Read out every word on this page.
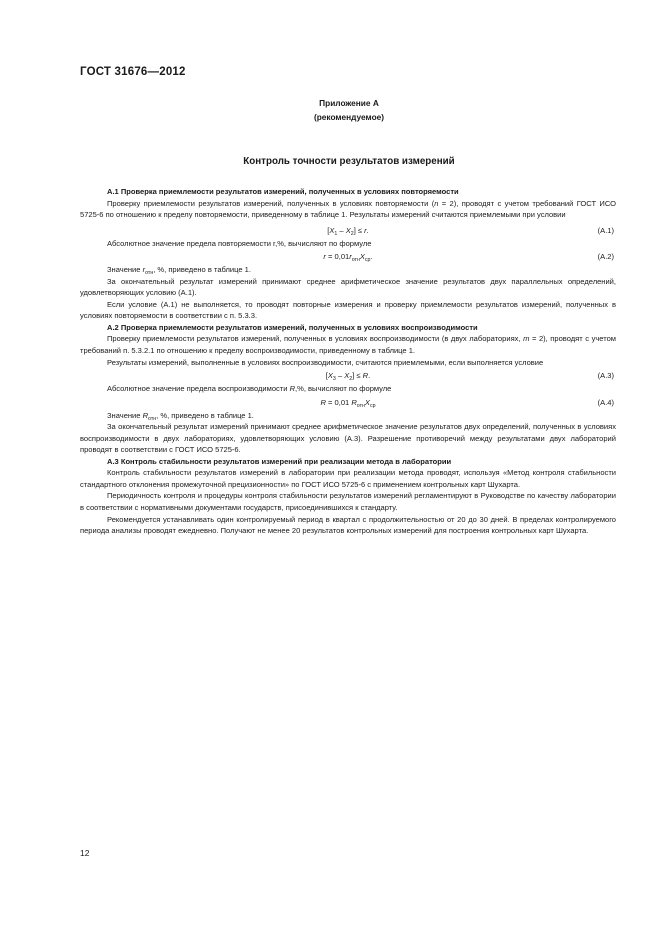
ГОСТ 31676—2012
Приложение А
(рекомендуемое)
Контроль точности результатов измерений

А.1 Проверка приемлемости результатов измерений, полученных в условиях повторяемости

Проверку приемлемости результатов измерений, полученных в условиях повторяемости (n = 2), проводят с учетом требований ГОСТ ИСО 5725-6 по отношению к пределу повторяемости, приведенному в таблице 1. Результаты измерений считаются приемлемыми при условии

$[X_1 - X_2] \le r$.	(А.1)

Абсолютное значение предела повторяемости r,%, вычисляют по формуле

$r = 0,01r_{отн}X_{ср}$.	(А.2)

Значение $r_{отн}$, %, приведено в таблице 1.

За окончательный результат измерений принимают среднее арифметическое значение результатов двух параллельных определений, удовлетворяющих условию (А.1).

Если условие (А.1) не выполняется, то проводят повторные измерения и проверку приемлемости результатов измерений, полученных в условиях повторяемости в соответствии с п. 5.3.3.

А.2 Проверка приемлемости результатов измерений, полученных в условиях воспроизводимости

Проверку приемлемости результатов измерений, полученных в условиях воспроизводимости (в двух лабораториях, m = 2), проводят с учетом требований п. 5.3.2.1 по отношению к пределу воспроизводимости, приведенному в таблице 1.

Результаты измерений, выполненные в условиях воспроизводимости, считаются приемлемыми, если выполняется условие

$[X_3 - X_2] \le R$.	(А.3)

Абсолютное значение предела воспроизводимости R,%, вычисляют по формуле

R = 0,01 $R_{отн}X_{ср}$	(А.4)

Значение $R_{отн}$, %, приведено в таблице 1.

За окончательный результат измерений принимают среднее арифметическое значение результатов двух определений, полученных в условиях воспроизводимости в двух лабораториях, удовлетворяющих условию (А.3). Разрешение противоречий между результатами двух лабораторий проводят в соответствии с ГОСТ ИСО 5725-6.

А.3 Контроль стабильности результатов измерений при реализации метода в лаборатории

Контроль стабильности результатов измерений в лаборатории при реализации метода проводят, используя «Метод контроля стабильности стандартного отклонения промежуточной прецизионности» по ГОСТ ИСО 5725-6 с применением контрольных карт Шухарта.

Периодичность контроля и процедуры контроля стабильности результатов измерений регламентируют в Руководстве по качеству лаборатории в соответствии с нормативными документами государств, присоединившихся к стандарту.

Рекомендуется устанавливать один контролируемый период в квартал с продолжительностью от 20 до 30 дней. В пределах контролируемого периода анализы проводят ежедневно. Получают не менее 20 результатов контрольных измерений для построения контрольных карт Шухарта.

12
